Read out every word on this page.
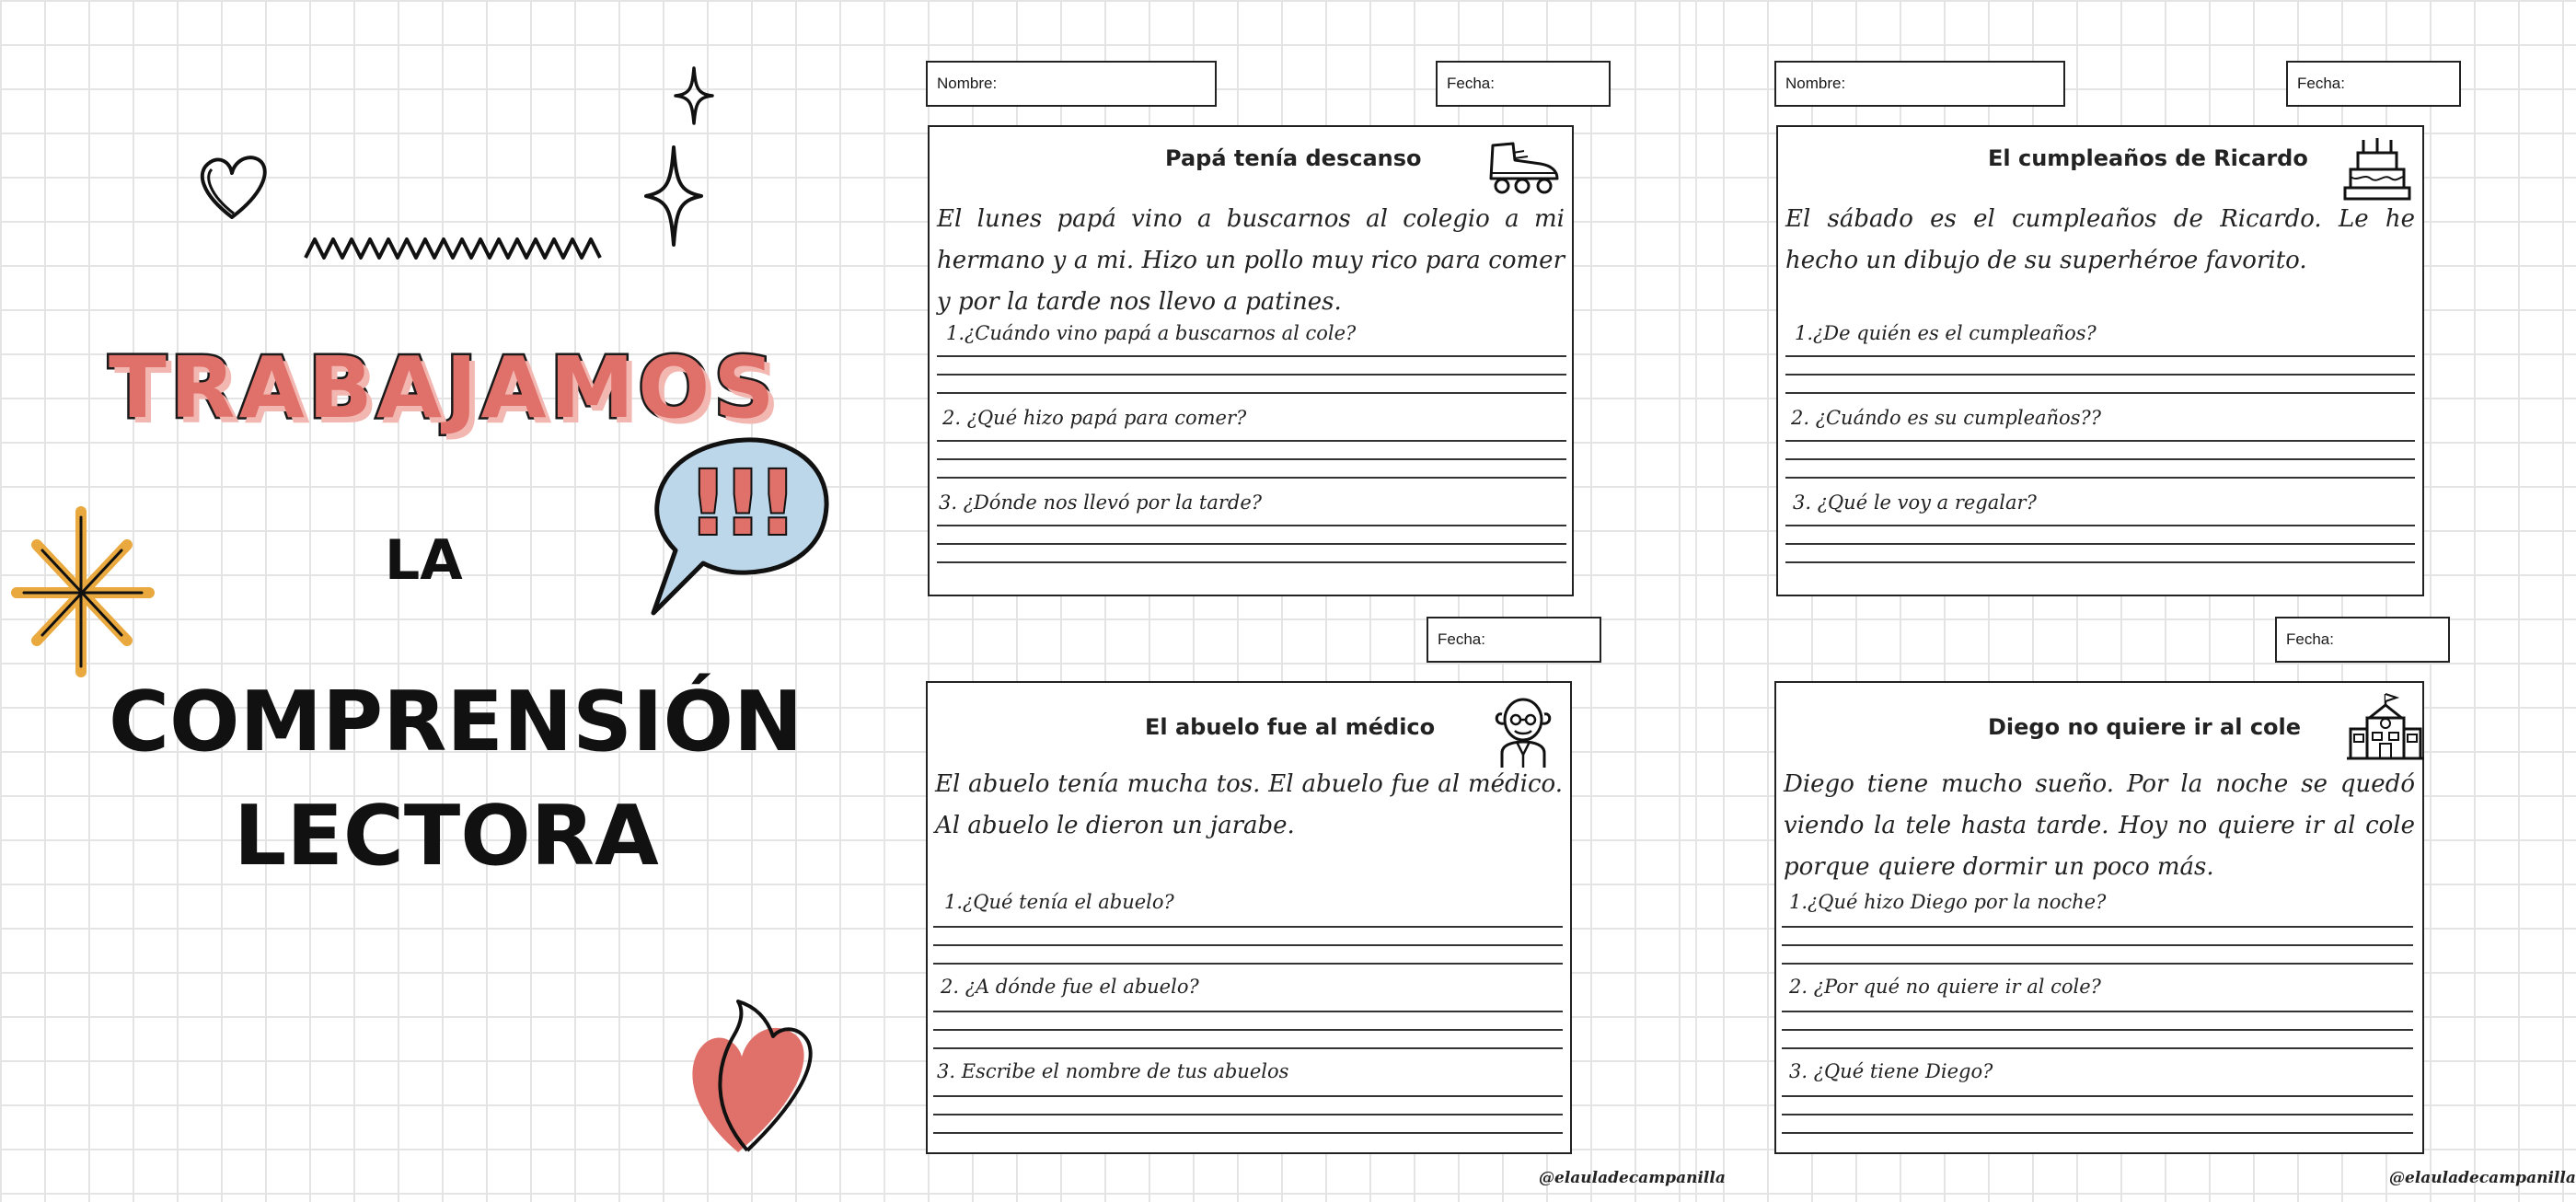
TRABAJAMOS
!!!
LA
COMPRENSIÓN
LECTORA
Nombre:	Fecha:
Papá tenía descanso
El lunes papá vino a buscarnos al colegio a mi hermano y a mi. Hizo un pollo muy rico para comer y por la tarde nos llevo a patines.
1.¿Cuándo vino papá a buscarnos al cole?
2. ¿Qué hizo papá para comer?
3. ¿Dónde nos llevó por la tarde?
Fecha:
El abuelo fue al médico
El abuelo tenía mucha tos. El abuelo fue al médico. Al abuelo le dieron un jarabe.
1.¿Qué tenía el abuelo?
2. ¿A dónde fue el abuelo?
3. Escribe el nombre de tus abuelos
@elauladecampanilla
Nombre:	Fecha:
El cumpleaños de Ricardo
El sábado es el cumpleaños de Ricardo. Le he hecho un dibujo de su superhéroe favorito.
1.¿De quién es el cumpleaños?
2. ¿Cuándo es su cumpleaños??
3. ¿Qué le voy a regalar?
Fecha:
Diego no quiere ir al cole
Diego tiene mucho sueño. Por la noche se quedó viendo la tele hasta tarde. Hoy no quiere ir al cole porque quiere dormir un poco más.
1.¿Qué hizo Diego por la noche?
2. ¿Por qué no quiere ir al cole?
3. ¿Qué tiene Diego?
@elauladecampanilla
